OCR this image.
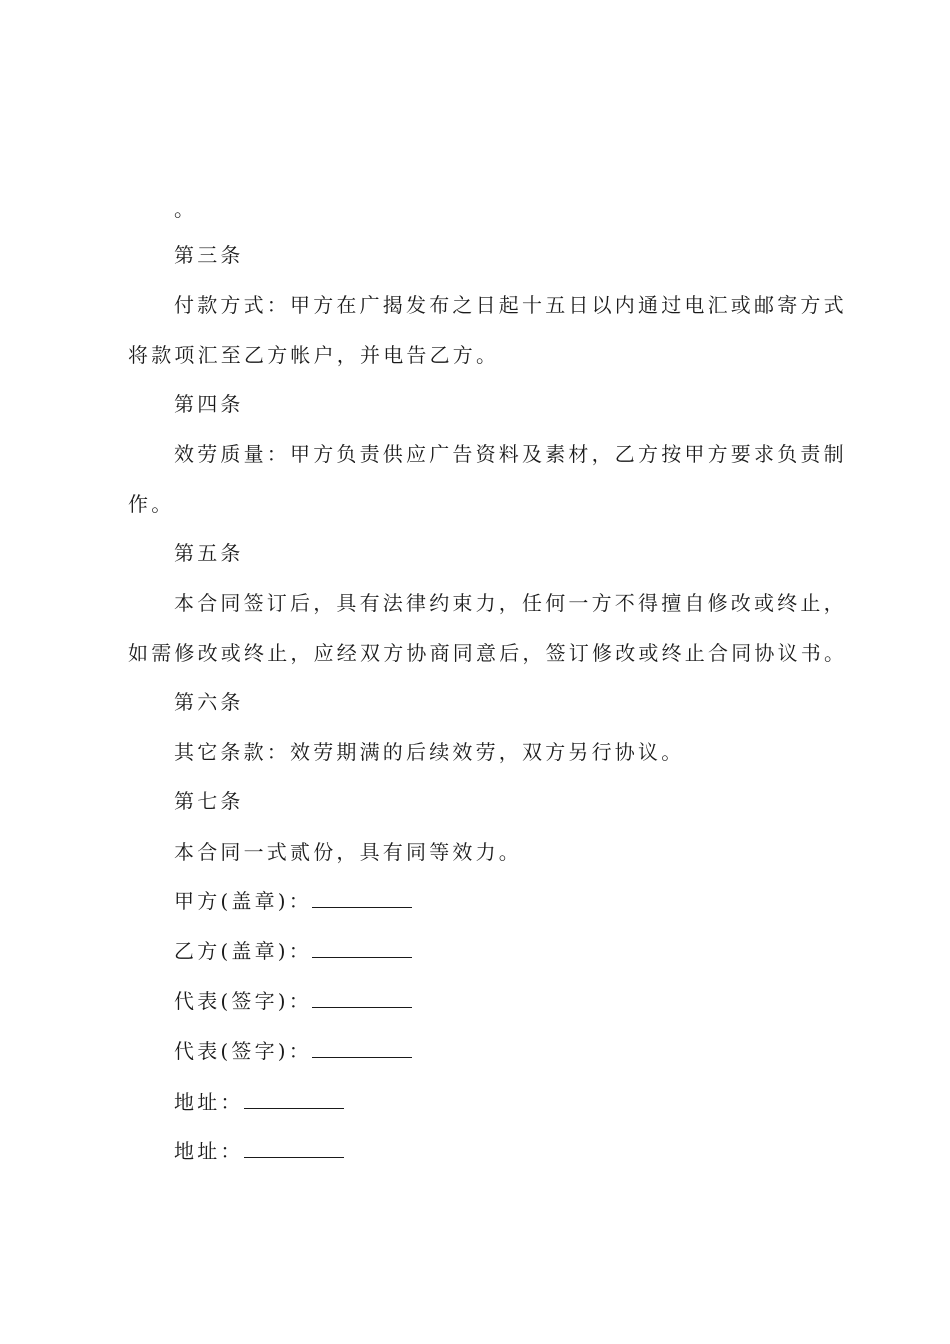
。
第三条
付款方式：甲方在广揭发布之日起十五日以内通过电汇或邮寄方式
将款项汇至乙方帐户，并电告乙方。
第四条
效劳质量：甲方负责供应广告资料及素材，乙方按甲方要求负责制
作。
第五条
本合同签订后，具有法律约束力，任何一方不得擅自修改或终止，
如需修改或终止，应经双方协商同意后，签订修改或终止合同协议书。
第六条
其它条款：效劳期满的后续效劳，双方另行协议。
第七条
本合同一式贰份，具有同等效力。
甲方(盖章)：
乙方(盖章)：
代表(签字)：
代表(签字)：
地址：
地址：
